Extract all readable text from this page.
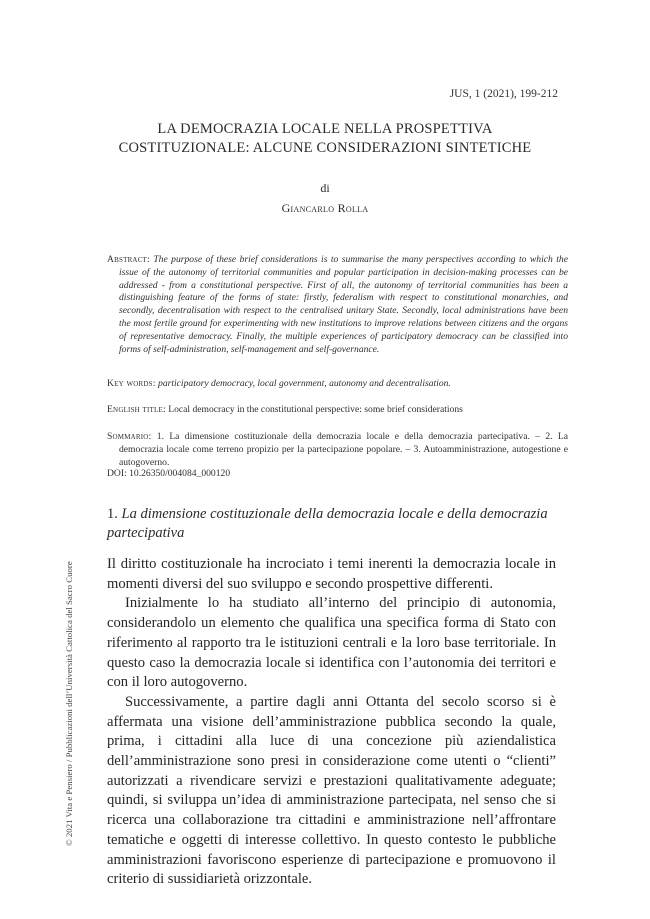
JUS, 1 (2021), 199-212
LA DEMOCRAZIA LOCALE NELLA PROSPETTIVA
COSTITUZIONALE: ALCUNE CONSIDERAZIONI SINTETICHE
di
Giancarlo Rolla
Abstract: The purpose of these brief considerations is to summarise the many perspectives according to which the issue of the autonomy of territorial communities and popular participation in decision-making processes can be addressed - from a constitutional perspective. First of all, the autonomy of territorial communities has been a distinguishing feature of the forms of state: firstly, federalism with respect to constitutional monarchies, and secondly, decentralisation with respect to the centralised unitary State. Secondly, local administrations have been the most fertile ground for experimenting with new institutions to improve relations between citizens and the organs of representative democracy. Finally, the multiple experiences of participatory democracy can be classified into forms of self-administration, self-management and self-governance.
Key words: participatory democracy, local government, autonomy and decentralisation.
English title: Local democracy in the constitutional perspective: some brief considerations
Sommario: 1. La dimensione costituzionale della democrazia locale e della democrazia partecipativa. – 2. La democrazia locale come terreno propizio per la partecipazione popolare. – 3. Autoamministrazione, autogestione e autogoverno.
DOI: 10.26350/004084_000120
1. La dimensione costituzionale della democrazia locale e della democrazia partecipativa

Il diritto costituzionale ha incrociato i temi inerenti la democrazia locale in momenti diversi del suo sviluppo e secondo prospettive differenti.

Inizialmente lo ha studiato all’interno del principio di autonomia, considerandolo un elemento che qualifica una specifica forma di Stato con riferimento al rapporto tra le istituzioni centrali e la loro base territoriale. In questo caso la democrazia locale si identifica con l’autonomia dei territori e con il loro autogoverno.

Successivamente, a partire dagli anni Ottanta del secolo scorso si è affermata una visione dell’amministrazione pubblica secondo la quale, prima, i cittadini alla luce di una concezione più aziendalistica dell’amministrazione sono presi in considerazione come utenti o “clienti” autorizzati a rivendicare servizi e prestazioni qualitativamente adeguate; quindi, si sviluppa un’idea di amministrazione partecipata, nel senso che si ricerca una collaborazione tra cittadini e amministrazione nell’affrontare tematiche e oggetti di interesse collettivo. In questo contesto le pubbliche amministrazioni favoriscono esperienze di partecipazione e promuovono il criterio di sussidiarietà orizzontale.

© 2021 Vita e Pensiero / Pubblicazioni dell’Università Cattolica del Sacro Cuore
